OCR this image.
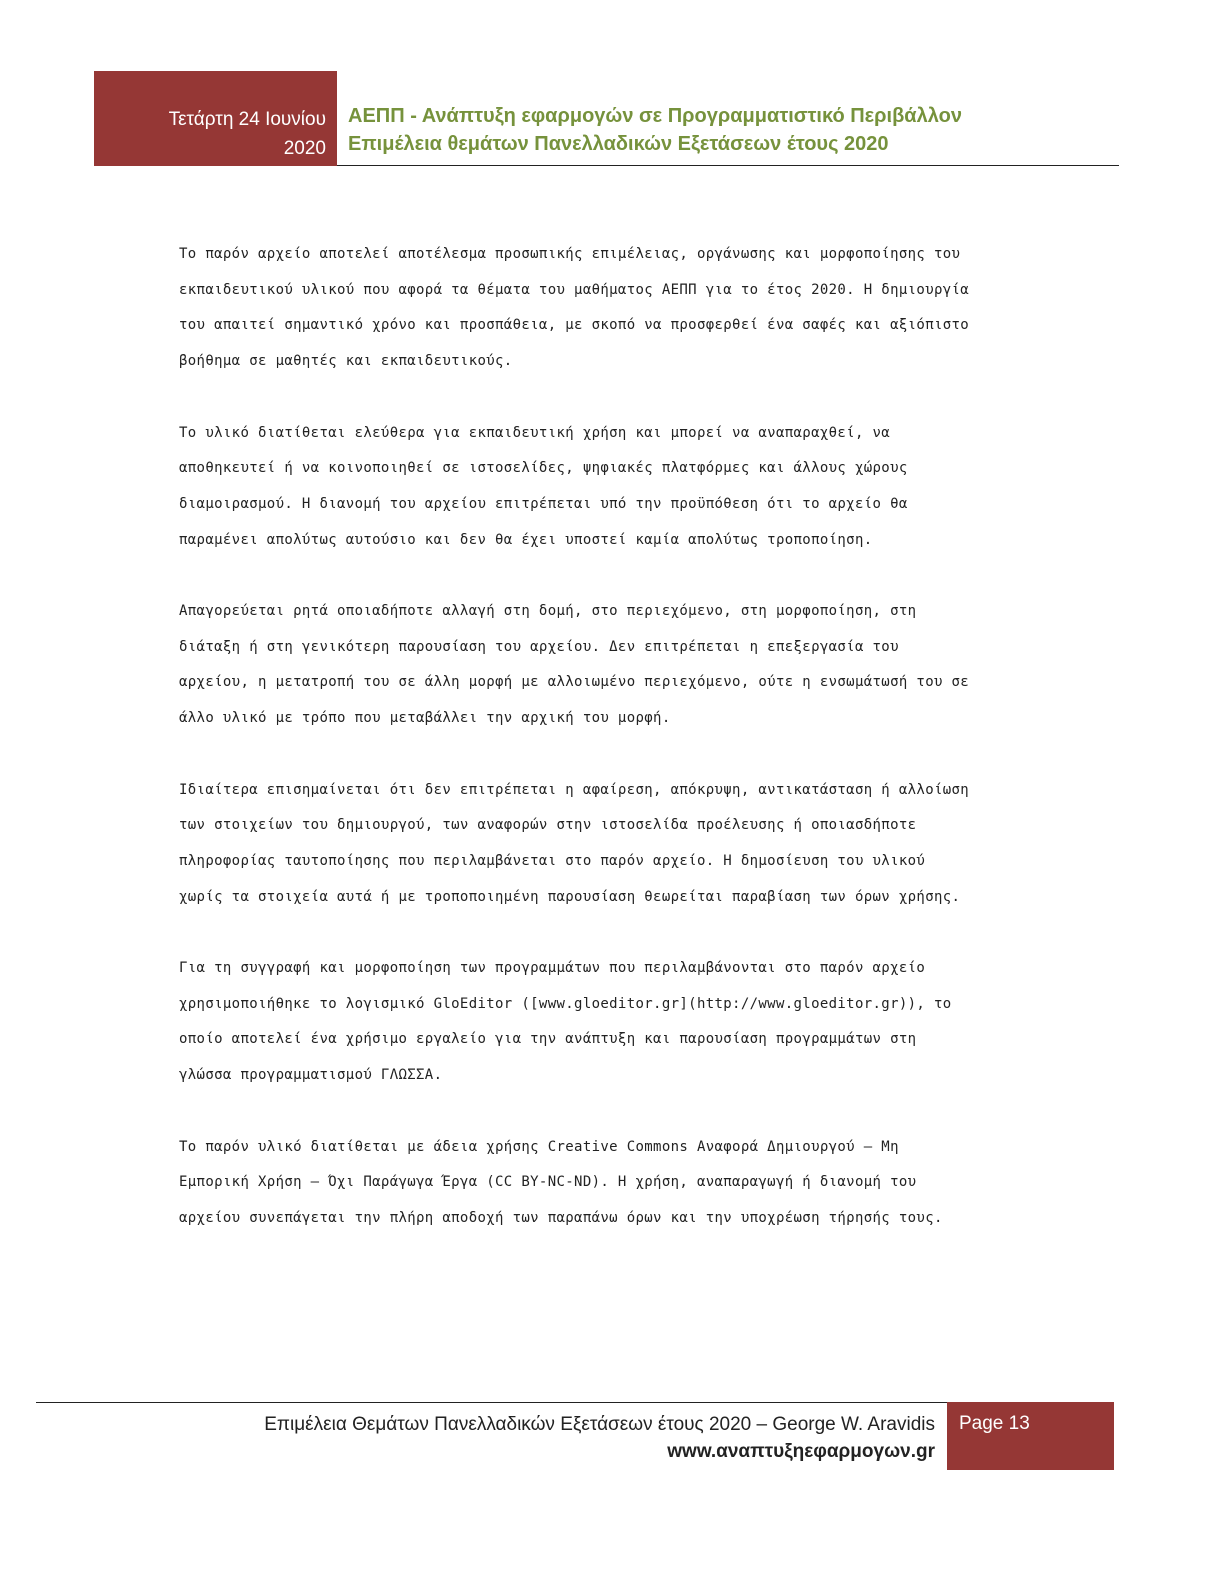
Τετάρτη 24 Ιουνίου
2020
ΑΕΠΠ - Ανάπτυξη εφαρμογών σε Προγραμματιστικό Περιβάλλον
Επιμέλεια θεμάτων Πανελλαδικών Εξετάσεων έτους 2020

Το παρόν αρχείο αποτελεί αποτέλεσμα προσωπικής επιμέλειας, οργάνωσης και μορφοποίησης του
εκπαιδευτικού υλικού που αφορά τα θέματα του μαθήματος ΑΕΠΠ για το έτος 2020. Η δημιουργία
του απαιτεί σημαντικό χρόνο και προσπάθεια, με σκοπό να προσφερθεί ένα σαφές και αξιόπιστο
βοήθημα σε μαθητές και εκπαιδευτικούς.

Το υλικό διατίθεται ελεύθερα για εκπαιδευτική χρήση και μπορεί να αναπαραχθεί, να
αποθηκευτεί ή να κοινοποιηθεί σε ιστοσελίδες, ψηφιακές πλατφόρμες και άλλους χώρους
διαμοιρασμού. Η διανομή του αρχείου επιτρέπεται υπό την προϋπόθεση ότι το αρχείο θα
παραμένει απολύτως αυτούσιο και δεν θα έχει υποστεί καμία απολύτως τροποποίηση.

Απαγορεύεται ρητά οποιαδήποτε αλλαγή στη δομή, στο περιεχόμενο, στη μορφοποίηση, στη
διάταξη ή στη γενικότερη παρουσίαση του αρχείου. Δεν επιτρέπεται η επεξεργασία του
αρχείου, η μετατροπή του σε άλλη μορφή με αλλοιωμένο περιεχόμενο, ούτε η ενσωμάτωσή του σε
άλλο υλικό με τρόπο που μεταβάλλει την αρχική του μορφή.

Ιδιαίτερα επισημαίνεται ότι δεν επιτρέπεται η αφαίρεση, απόκρυψη, αντικατάσταση ή αλλοίωση
των στοιχείων του δημιουργού, των αναφορών στην ιστοσελίδα προέλευσης ή οποιασδήποτε
πληροφορίας ταυτοποίησης που περιλαμβάνεται στο παρόν αρχείο. Η δημοσίευση του υλικού
χωρίς τα στοιχεία αυτά ή με τροποποιημένη παρουσίαση θεωρείται παραβίαση των όρων χρήσης.

Για τη συγγραφή και μορφοποίηση των προγραμμάτων που περιλαμβάνονται στο παρόν αρχείο
χρησιμοποιήθηκε το λογισμικό GloEditor ([www.gloeditor.gr](http://www.gloeditor.gr)), το
οποίο αποτελεί ένα χρήσιμο εργαλείο για την ανάπτυξη και παρουσίαση προγραμμάτων στη
γλώσσα προγραμματισμού ΓΛΩΣΣΑ.

Το παρόν υλικό διατίθεται με άδεια χρήσης Creative Commons Αναφορά Δημιουργού – Μη
Εμπορική Χρήση – Όχι Παράγωγα Έργα (CC BY-NC-ND). Η χρήση, αναπαραγωγή ή διανομή του
αρχείου συνεπάγεται την πλήρη αποδοχή των παραπάνω όρων και την υποχρέωση τήρησής τους.

Επιμέλεια Θεμάτων Πανελλαδικών Εξετάσεων έτους 2020 – George W. Aravidis
www.αναπτυξηεφαρμογων.gr
Page 13
